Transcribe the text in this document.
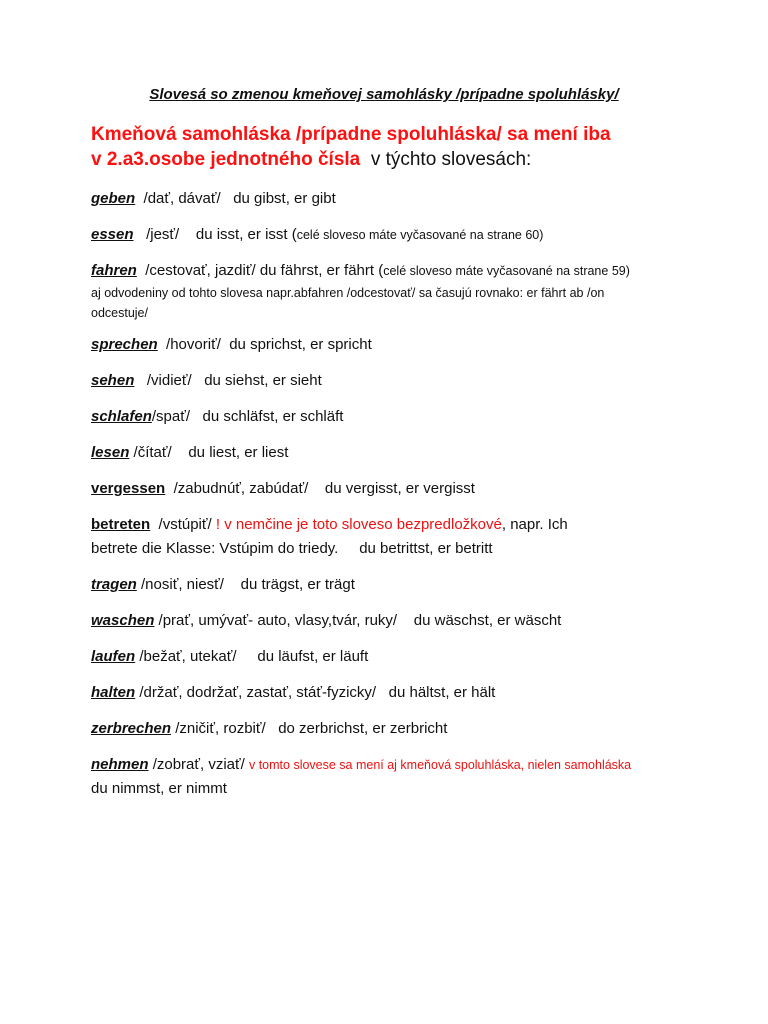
Slovesá so zmenou kmeňovej samohlásky /prípadne spoluhlásky/
Kmeňová samohláska /prípadne spoluhláska/ sa mení iba
v 2.a3.osobe jednotného čísla v týchto slovesách:
geben /dať, dávať/ du gibst, er gibt
essen /jesť/ du isst, er isst (celé sloveso máte vyčasované na strane 60)
fahren /cestovať, jazdiť/ du fährst, er fährt (celé sloveso máte vyčasované na strane 59)
aj odvodeniny od tohto slovesa napr.abfahren /odcestovať/ sa časujú rovnako: er fährt ab /on
odcestuje/
sprechen /hovoriť/ du sprichst, er spricht
sehen /vidieť/ du siehst, er sieht
schlafen/spať/ du schläfst, er schläft
lesen /čítať/ du liest, er liest
vergessen /zabudnúť, zabúdať/ du vergisst, er vergisst
betreten /vstúpiť/ ! v nemčine je toto sloveso bezpredložkové, napr. Ich
betrete die Klasse: Vstúpim do triedy. du betrittst, er betritt
tragen /nosiť, niesť/ du trägst, er trägt
waschen /prať, umývať- auto, vlasy,tvár, ruky/ du wäschst, er wäscht
laufen /bežať, utekať/ du läufst, er läuft
halten /držať, dodržať, zastať, stáť-fyzicky/ du hältst, er hält
zerbrechen /zničiť, rozbiť/ do zerbrichst, er zerbricht
nehmen /zobrať, vziať/ v tomto slovese sa mení aj kmeňová spoluhláska, nielen samohláska
du nimmst, er nimmt
